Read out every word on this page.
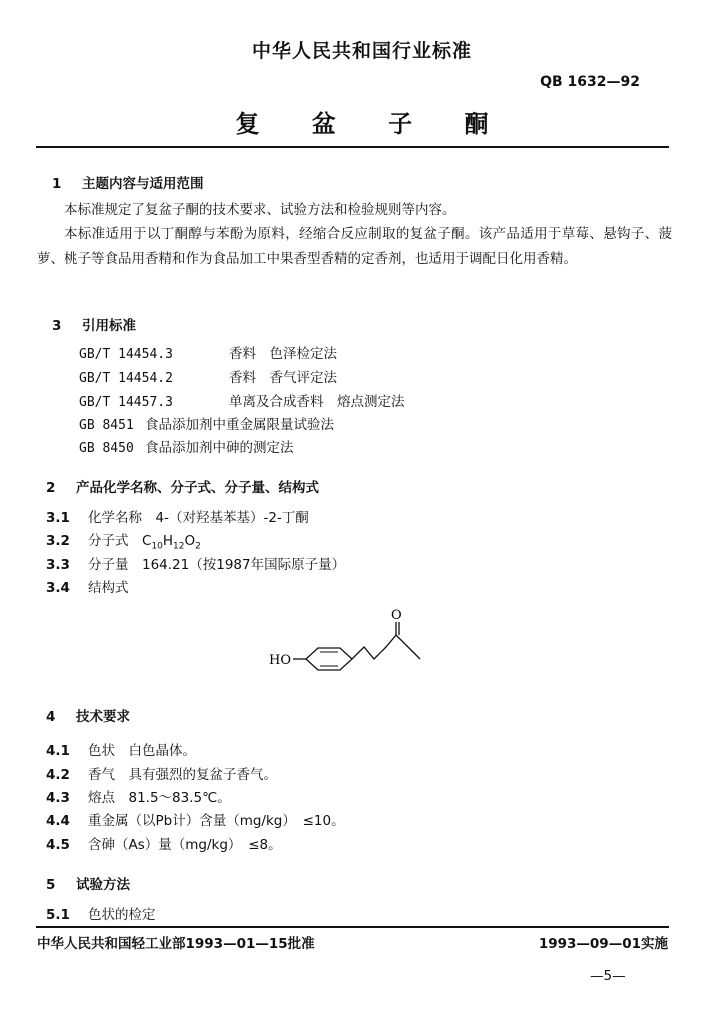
中华人民共和国行业标准
QB 1632—92
复 盆 子 酮
1 主题内容与适用范围
本标准规定了复盆子酮的技术要求、试验方法和检验规则等内容。
本标准适用于以丁酮醇与苯酚为原料，经缩合反应制取的复盆子酮。该产品适用于草莓、悬钩子、菠萝、桃子等食品用香精和作为食品加工中果香型香精的定香剂，也适用于调配日化用香精。
3 引用标准
GB/T 14454.3	香料　色泽检定法
GB/T 14454.2	香料　香气评定法
GB/T 14457.3	单离及合成香料　熔点测定法
GB 8451 食品添加剂中重金属限量试验法
GB 8450 食品添加剂中砷的测定法
2 产品化学名称、分子式、分子量、结构式
3.1 化学名称　 4-（对羟基苯基）-2-丁酮
3.2 分子式　 $C_{10}H_{12}O_2$
3.3 分子量　 164.21（按1987年国际原子量）
3.4 结构式
HO
O
4 技术要求
4.1 色状　 白色晶体。
4.2 香气　 具有强烈的复盆子香气。
4.3 熔点　 81.5～83.5℃。
4.4 重金属（以Pb计）含量（mg/kg）　 ≤10。
4.5 含砷（As）量（mg/kg）　 ≤8。
5 试验方法
5.1 色状的检定
中华人民共和国轻工业部1993—01—15批准	1993—09—01实施
—5—
